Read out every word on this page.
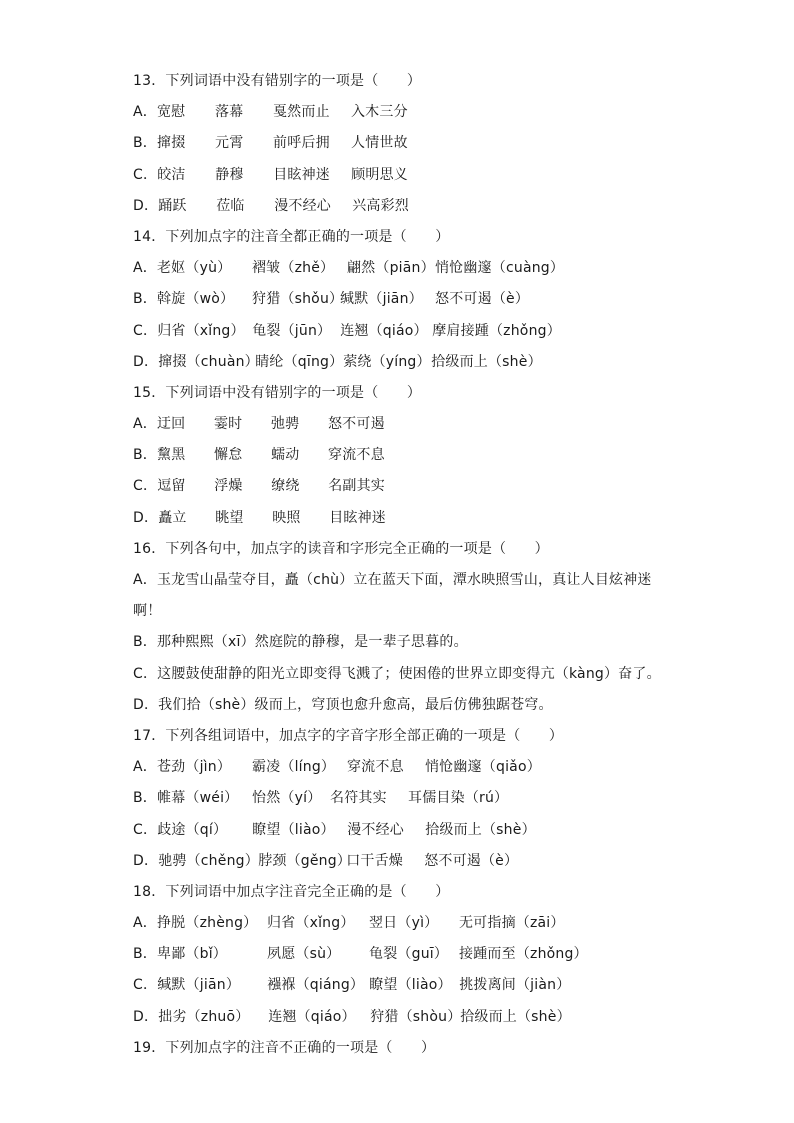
13．下列词语中没有错别字的一项是（　　）
A．宽慰 落幕 戛然而止 入木三分
B．撺掇 元霄 前呼后拥 人情世故
C．皎洁 静穆 目眩神迷 顾明思义
D．踊跃 莅临 漫不经心 兴高彩烈
14．下列加点字的注音全都正确的一项是（　　）
A．老妪（yù） 褶皱（zhě） 翩然（piān）悄怆幽邃（cuàng）
B．斡旋（wò） 狩猎（shǒu）缄默（jiān） 怒不可遏（è）
C．归省（xǐng） 龟裂（jūn） 连翘（qiáo） 摩肩接踵（zhǒng）
D．撺掇（chuàn）睛纶（qīng）萦绕（yíng）拾级而上（shè）
15．下列词语中没有错别字的一项是（　　）
A．迂回 霎时 弛骋 怒不可遏
B．黧黑 懈怠 蠕动 穿流不息
C．逗留 浮燥 缭绕 名副其实
D．矗立 眺望 映照 目眩神迷
16．下列各句中，加点字的读音和字形完全正确的一项是（　　）
A．玉龙雪山晶莹夺目，矗（chù）立在蓝天下面，潭水映照雪山，真让人目炫神迷
啊！
B．那种熙熙（xī）然庭院的静穆，是一辈子思暮的。
C．这腰鼓使甜静的阳光立即变得飞溅了；使困倦的世界立即变得亢（kàng）奋了。
D．我们拾（shè）级而上，穹顶也愈升愈高，最后仿佛独踞苍穹。
17．下列各组词语中，加点字的字音字形全部正确的一项是（　　）
A．苍劲（jìn） 霸凌（líng） 穿流不息 悄怆幽邃（qiǎo）
B．帷幕（wéi） 怡然（yí） 名符其实 耳儒目染（rú）
C．歧途（qí） 瞭望（liào） 漫不经心 拾级而上（shè）
D．驰骋（chěng）脖颈（gěng）口干舌燥 怒不可遏（è）
18．下列词语中加点字注音完全正确的是（　　）
A．挣脱（zhèng） 归省（xǐng） 翌日（yì） 无可指摘（zāi）
B．卑鄙（bǐ）	夙愿（sù） 龟裂（guī） 接踵而至（zhǒng）
C．缄默（jiān） 襁褓（qiáng） 瞭望（liào） 挑拨离间（jiàn）
D．拙劣（zhuō） 连翘（qiáo） 狩猎（shòu）拾级而上（shè）
19．下列加点字的注音不正确的一项是（　　）
